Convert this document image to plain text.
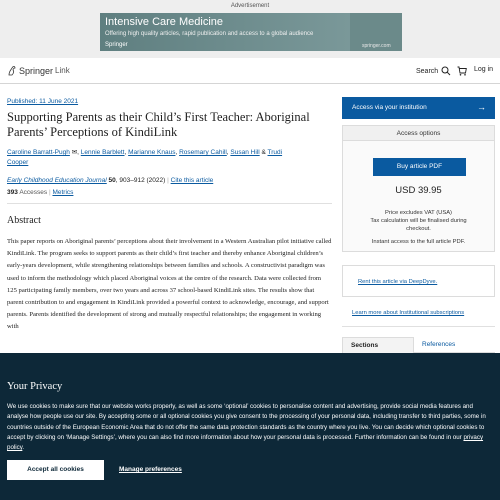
Advertisement
Intensive Care Medicine
Offering high quality articles, rapid publication and access to a global audience
Springer	springer.com
Springer Link	Search	Log in
Published: 11 June 2021
Supporting Parents as their Child’s First Teacher: Aboriginal Parents’ Perceptions of KindiLink
Caroline Barratt-Pugh ✉, Lennie Barblett, Marianne Knaus, Rosemary Cahill, Susan Hill & Trudi Cooper
Early Childhood Education Journal 50, 903–912 (2022) | Cite this article
393 Accesses | Metrics
Abstract
This paper reports on Aboriginal parents’ perceptions about their involvement in a Western Australian pilot initiative called KindiLink. The program seeks to support parents as their child’s first teacher and thereby enhance Aboriginal children’s early-years development, while strengthening relationships between families and schools. A constructivist paradigm was used to inform the methodology which placed Aboriginal voices at the centre of the research. Data were collected from 125 participating family members, over two years and across 37 school-based KindiLink sites. The results show that parent contribution to and engagement in KindiLink provided a powerful context to acknowledge, encourage, and support parents. Parents identified the development of strong and mutually respectful relationships; the engagement in working with
Access via your institution	→
Access options
Buy article PDF
USD 39.95
Price excludes VAT (USA)
Tax calculation will be finalised during checkout.
Instant access to the full article PDF.
Rent this article via DeepDyve.
Learn more about Institutional subscriptions
Sections	References
Your Privacy
We use cookies to make sure that our website works properly, as well as some ‘optional’ cookies to personalise content and advertising, provide social media features and analyse how people use our site. By accepting some or all optional cookies you give consent to the processing of your personal data, including transfer to third parties, some in countries outside of the European Economic Area that do not offer the same data protection standards as the country where you live. You can decide which optional cookies to accept by clicking on ‘Manage Settings’, where you can also find more information about how your personal data is processed. Further information can be found in our privacy policy.
Accept all cookies	Manage preferences
